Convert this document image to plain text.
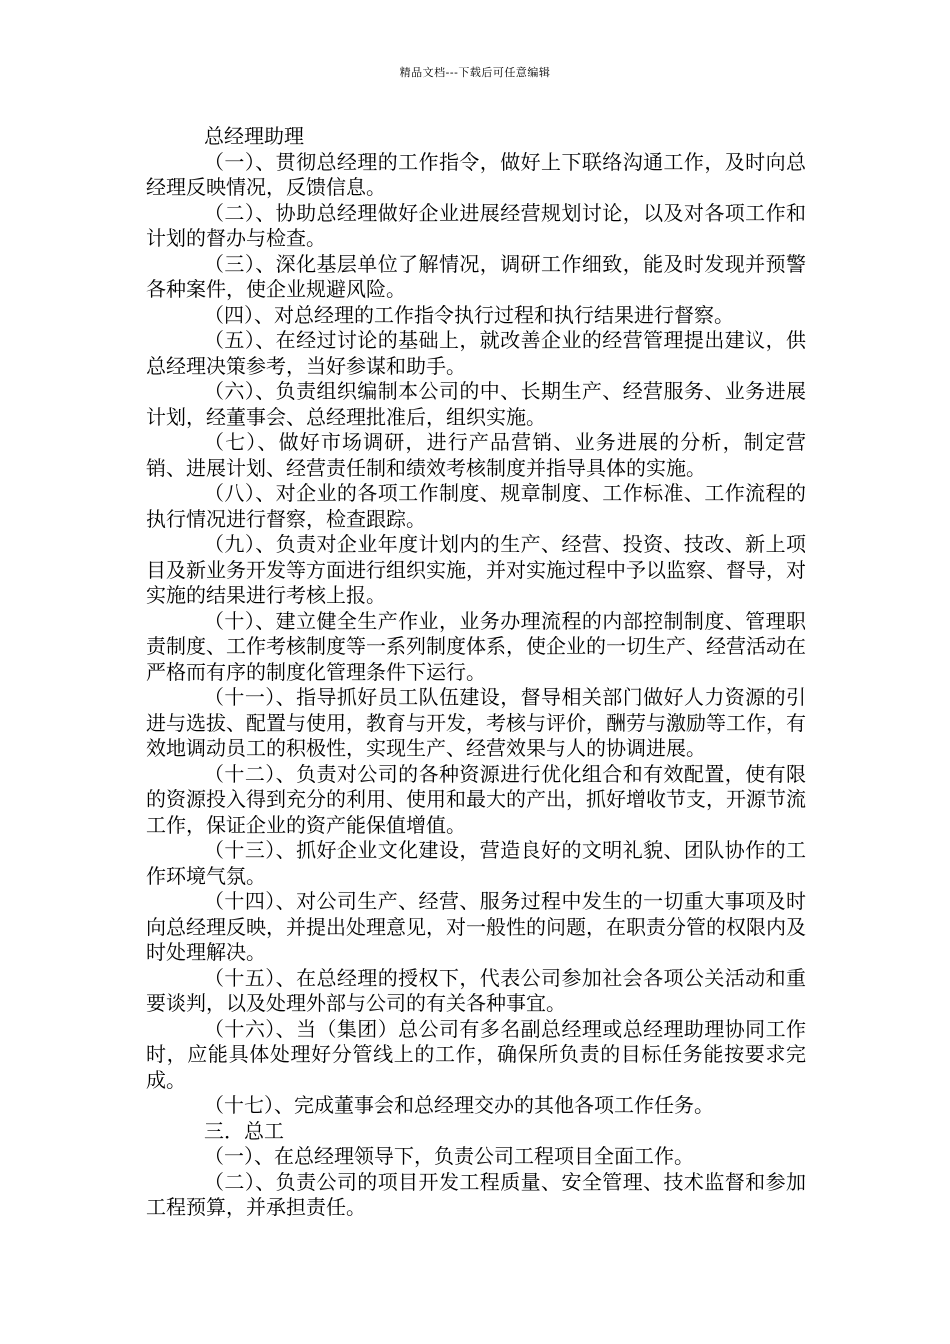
精品文档---下载后可任意编辑

总经理助理

（一）、贯彻总经理的工作指令，做好上下联络沟通工作，及时向总经理反映情况，反馈信息。

（二）、协助总经理做好企业进展经营规划讨论，以及对各项工作和计划的督办与检查。

（三）、深化基层单位了解情况，调研工作细致，能及时发现并预警各种案件，使企业规避风险。

（四）、对总经理的工作指令执行过程和执行结果进行督察。

（五）、在经过讨论的基础上，就改善企业的经营管理提出建议，供总经理决策参考，当好参谋和助手。

（六）、负责组织编制本公司的中、长期生产、经营服务、业务进展计划，经董事会、总经理批准后，组织实施。

（七）、做好市场调研，进行产品营销、业务进展的分析，制定营销、进展计划、经营责任制和绩效考核制度并指导具体的实施。

（八）、对企业的各项工作制度、规章制度、工作标准、工作流程的执行情况进行督察，检查跟踪。

（九）、负责对企业年度计划内的生产、经营、投资、技改、新上项目及新业务开发等方面进行组织实施，并对实施过程中予以监察、督导，对实施的结果进行考核上报。

（十）、建立健全生产作业，业务办理流程的内部控制制度、管理职责制度、工作考核制度等一系列制度体系，使企业的一切生产、经营活动在严格而有序的制度化管理条件下运行。

（十一）、指导抓好员工队伍建设，督导相关部门做好人力资源的引进与选拔、配置与使用，教育与开发，考核与评价，酬劳与激励等工作，有效地调动员工的积极性，实现生产、经营效果与人的协调进展。

（十二）、负责对公司的各种资源进行优化组合和有效配置，使有限的资源投入得到充分的利用、使用和最大的产出，抓好增收节支，开源节流工作，保证企业的资产能保值增值。

（十三）、抓好企业文化建设，营造良好的文明礼貌、团队协作的工作环境气氛。

（十四）、对公司生产、经营、服务过程中发生的一切重大事项及时向总经理反映，并提出处理意见，对一般性的问题，在职责分管的权限内及时处理解决。

（十五）、在总经理的授权下，代表公司参加社会各项公关活动和重要谈判，以及处理外部与公司的有关各种事宜。

（十六）、当（集团）总公司有多名副总经理或总经理助理协同工作时，应能具体处理好分管线上的工作，确保所负责的目标任务能按要求完成。

（十七）、完成董事会和总经理交办的其他各项工作任务。

三．总工

（一）、在总经理领导下，负责公司工程项目全面工作。

（二）、负责公司的项目开发工程质量、安全管理、技术监督和参加工程预算，并承担责任。
